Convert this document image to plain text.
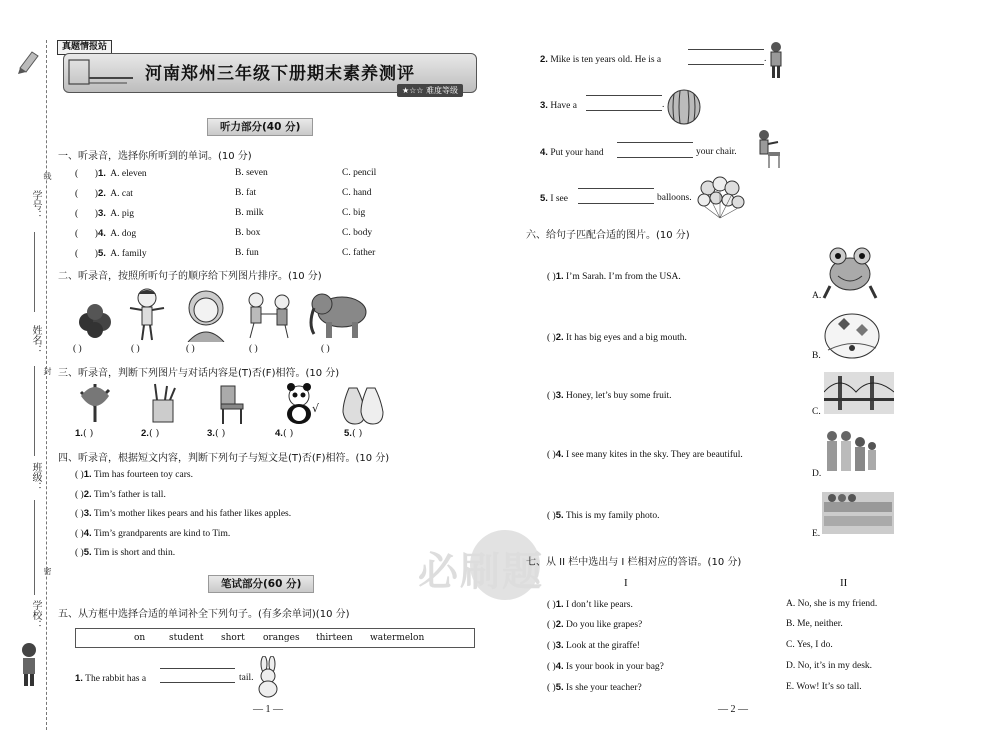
学号：
姓名：
班级：
学校：
线
封
密
真题情报站
河南郑州三年级下册期末素养测评
★☆☆ 难度等级
听力部分(40 分)
一、听录音，选择你所听到的单词。(10 分)
(       )1. A. eleven	B. seven	C. pencil
(       )2. A. cat	B. fat	C. hand
(       )3. A. pig	B. milk	C. big
(       )4. A. dog	B. box	C. body
(       )5. A. family	B. fun	C. father
二、听录音，按照所听句子的顺序给下列图片排序。(10 分)
( )	( )	( )	( )	( )
三、听录音，判断下列图片与对话内容是(T)否(F)相符。(10 分)
√
1.( )	2.( )	3.( )	4.( )	5.( )
四、听录音，根据短文内容，判断下列句子与短文是(T)否(F)相符。(10 分)
( )1. Tim has fourteen toy cars.
( )2. Tim’s father is tall.
( )3. Tim’s mother likes pears and his father likes apples.
( )4. Tim’s grandparents are kind to Tim.
( )5. Tim is short and thin.
笔试部分(60 分)
五、从方框中选择合适的单词补全下列句子。(有多余单词)(10 分)
on	student short oranges thirteen watermelon
1. The rabbit has a	tail.
2. Mike is ten years old. He is a	.
3. Have a	.
4. Put your hand	your chair.
5. I see	balloons.
六、给句子匹配合适的图片。(10 分)
( )1. I’m Sarah. I’m from the USA.
( )2. It has big eyes and a big mouth.
( )3. Honey, let’s buy some fruit.
( )4. I see many kites in the sky. They are beautiful.
( )5. This is my family photo.
A.
B.
C.
D.
E.
必刷题
七、从 II 栏中选出与 I 栏相对应的答语。(10 分)
I	II
( )1. I don’t like pears.	A. No, she is my friend.
( )2. Do you like grapes?	B. Me, neither.
( )3. Look at the giraffe!	C. Yes, I do.
( )4. Is your book in your bag?	D. No, it’s in my desk.
( )5. Is she your teacher?	E. Wow! It’s so tall.
— 1 —	— 2 —
